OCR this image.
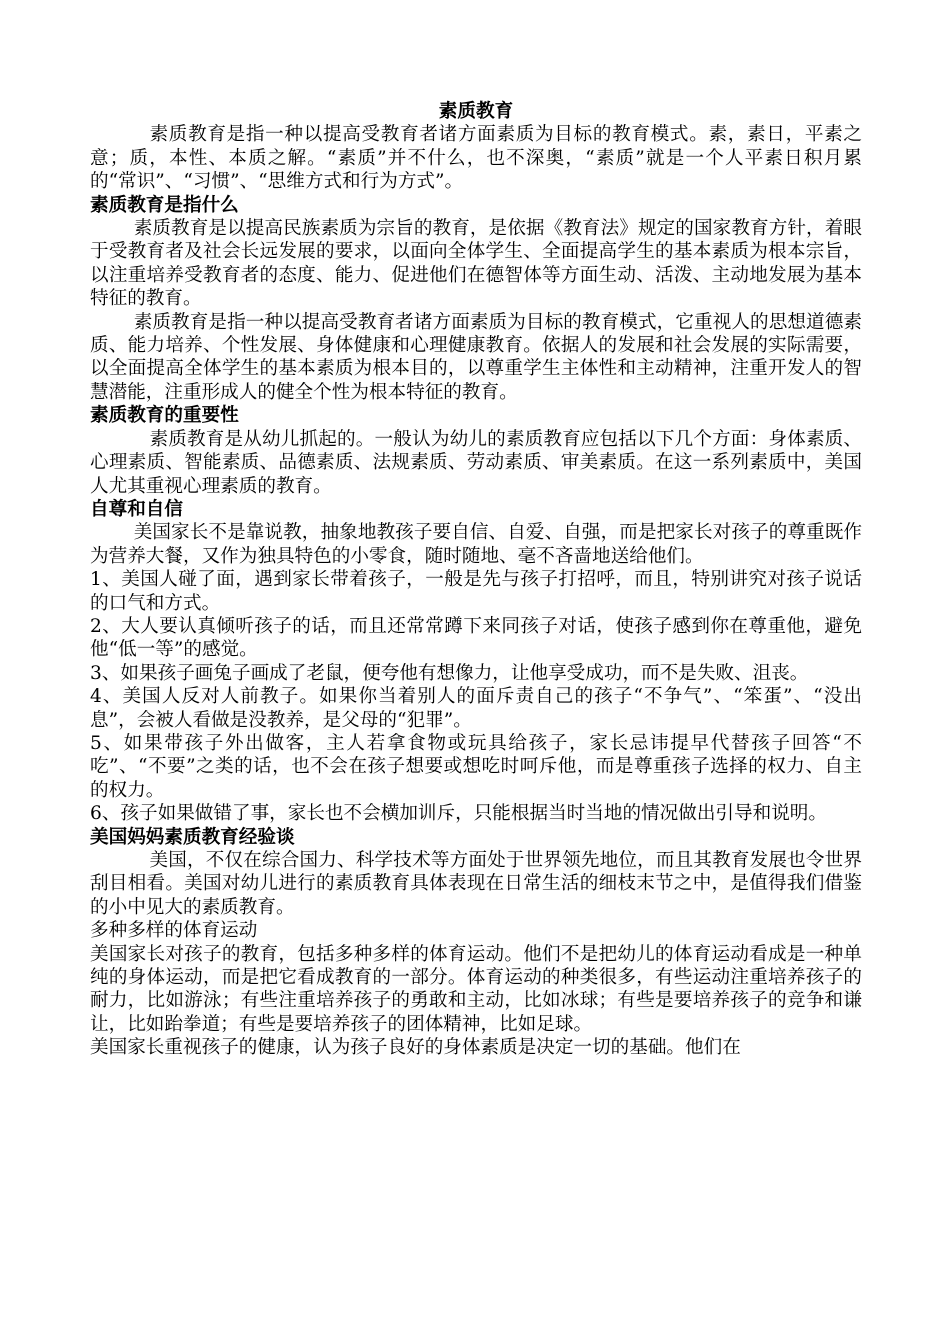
素质教育

素质教育是指一种以提高受教育者诸方面素质为目标的教育模式。素，素日，平素之意；质，本性、本质之解。“素质”并不什么，也不深奥，“素质”就是一个人平素日积月累的“常识”、“习惯”、“思维方式和行为方式”。

素质教育是指什么

素质教育是以提高民族素质为宗旨的教育，是依据《教育法》规定的国家教育方针，着眼于受教育者及社会长远发展的要求，以面向全体学生、全面提高学生的基本素质为根本宗旨，以注重培养受教育者的态度、能力、促进他们在德智体等方面生动、活泼、主动地发展为基本特征的教育。

素质教育是指一种以提高受教育者诸方面素质为目标的教育模式，它重视人的思想道德素质、能力培养、个性发展、身体健康和心理健康教育。依据人的发展和社会发展的实际需要，以全面提高全体学生的基本素质为根本目的，以尊重学生主体性和主动精神，注重开发人的智慧潜能，注重形成人的健全个性为根本特征的教育。

素质教育的重要性

素质教育是从幼儿抓起的。一般认为幼儿的素质教育应包括以下几个方面：身体素质、心理素质、智能素质、品德素质、法规素质、劳动素质、审美素质。在这一系列素质中，美国人尤其重视心理素质的教育。

自尊和自信

美国家长不是靠说教，抽象地教孩子要自信、自爱、自强，而是把家长对孩子的尊重既作为营养大餐，又作为独具特色的小零食，随时随地、毫不吝啬地送给他们。

1、美国人碰了面，遇到家长带着孩子，一般是先与孩子打招呼，而且，特别讲究对孩子说话的口气和方式。

2、大人要认真倾听孩子的话，而且还常常蹲下来同孩子对话，使孩子感到你在尊重他，避免他“低一等”的感觉。

3、如果孩子画兔子画成了老鼠，便夸他有想像力，让他享受成功，而不是失败、沮丧。

4、美国人反对人前教子。如果你当着别人的面斥责自己的孩子“不争气”、“笨蛋”、“没出息”，会被人看做是没教养，是父母的“犯罪”。

5、如果带孩子外出做客，主人若拿食物或玩具给孩子，家长忌讳提早代替孩子回答“不吃”、“不要”之类的话，也不会在孩子想要或想吃时呵斥他，而是尊重孩子选择的权力、自主的权力。

6、孩子如果做错了事，家长也不会横加训斥，只能根据当时当地的情况做出引导和说明。

美国妈妈素质教育经验谈

美国，不仅在综合国力、科学技术等方面处于世界领先地位，而且其教育发展也令世界刮目相看。美国对幼儿进行的素质教育具体表现在日常生活的细枝末节之中，是值得我们借鉴的小中见大的素质教育。

多种多样的体育运动

美国家长对孩子的教育，包括多种多样的体育运动。他们不是把幼儿的体育运动看成是一种单纯的身体运动，而是把它看成教育的一部分。体育运动的种类很多，有些运动注重培养孩子的耐力，比如游泳；有些注重培养孩子的勇敢和主动，比如冰球；有些是要培养孩子的竞争和谦让，比如跆拳道；有些是要培养孩子的团体精神，比如足球。

美国家长重视孩子的健康，认为孩子良好的身体素质是决定一切的基础。他们在
